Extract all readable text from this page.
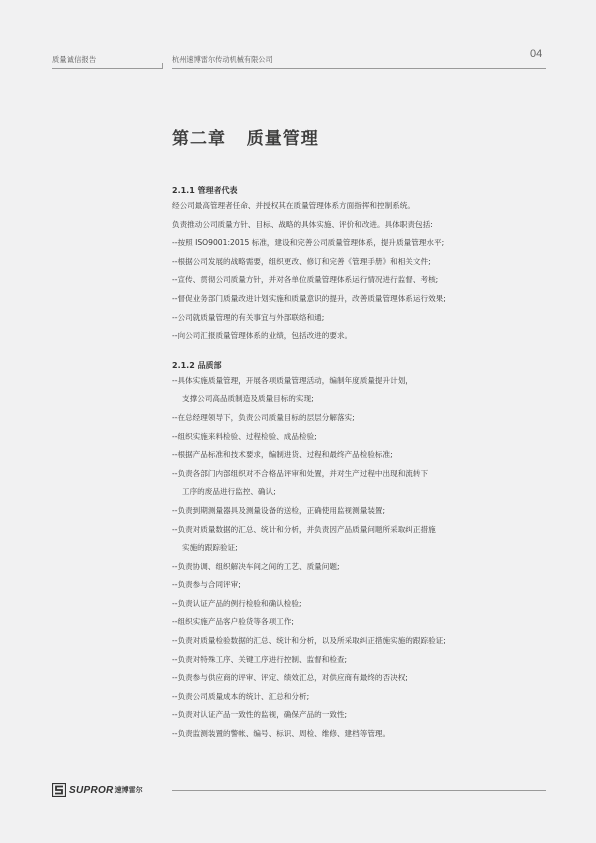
质量诚信报告	杭州速博雷尔传动机械有限公司	04
第二章   质量管理
2.1.1 管理者代表
经公司最高管理者任命、并授权其在质量管理体系方面指挥和控制系统。
负责推动公司质量方针、目标、战略的具体实施、评价和改进。具体职责包括:
--按照 ISO9001:2015 标准，建设和完善公司质量管理体系，提升质量管理水平;
--根据公司发展的战略需要，组织更改、修订和完善《管理手册》和相关文件;
--宣传、贯彻公司质量方针，并对各单位质量管理体系运行情况进行监督、考核;
--督促业务部门质量改进计划实施和质量意识的提升，改善质量管理体系运行效果;
--公司就质量管理的有关事宜与外部联络和通;
--向公司汇报质量管理体系的业绩，包括改进的要求。
2.1.2 品质部
--具体实施质量管理，开展各项质量管理活动，编制年度质量提升计划，
支撑公司高品质制造及质量目标的实现;
--在总经理领导下，负责公司质量目标的层层分解落实;
--组织实施来料检验、过程检验、成品检验;
--根据产品标准和技术要求，编制进货、过程和最终产品检验标准;
--负责各部门内部组织对不合格品评审和处置，并对生产过程中出现和流转下
工序的废品进行监控、确认;
--负责到期测量器具及测量设备的送检，正确使用监视测量装置;
--负责对质量数据的汇总、统计和分析，并负责因产品质量问题所采取纠正措施
实施的跟踪验证;
--负责协调、组织解决车间之间的工艺、质量问题;
--负责参与合同评审;
--负责认证产品的例行检验和确认检验;
--组织实施产品客户验货等各项工作;
--负责对质量检验数据的汇总、统计和分析，以及所采取纠正措施实施的跟踪验证;
--负责对特殊工序、关键工序进行控制、监督和检查;
--负责参与供应商的评审、评定、绩效汇总，对供应商有最终的否决权;
--负责公司质量成本的统计、汇总和分析;
--负责对认证产品一致性的监视，确保产品的一致性;
--负责监测装置的警帐、编号、标识、周检、维修、建档等管理。
SUPROR 速博雷尔
